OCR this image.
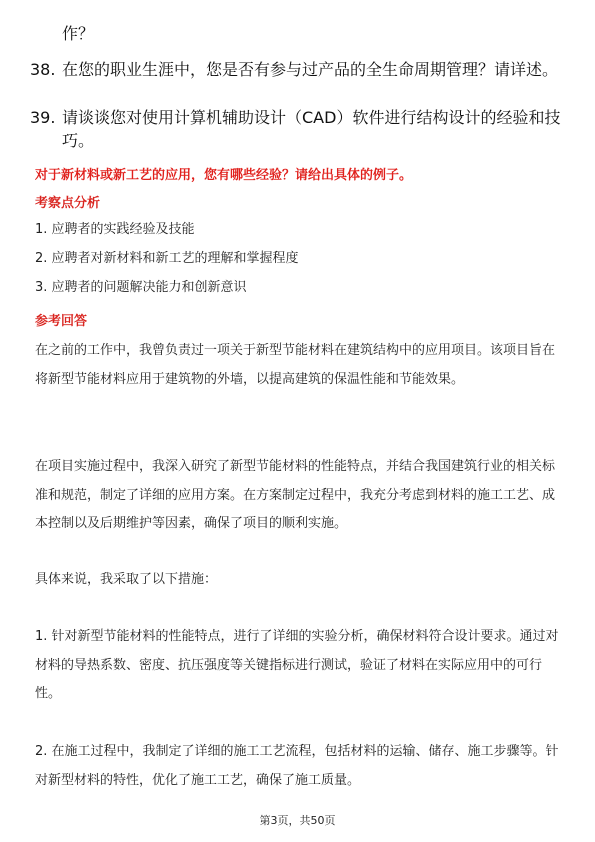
作？
38. 在您的职业生涯中，您是否有参与过产品的全生命周期管理？请详述。
39. 请谈谈您对使用计算机辅助设计（CAD）软件进行结构设计的经验和技巧。
对于新材料或新工艺的应用，您有哪些经验？请给出具体的例子。
考察点分析
1. 应聘者的实践经验及技能
2. 应聘者对新材料和新工艺的理解和掌握程度
3. 应聘者的问题解决能力和创新意识
参考回答
在之前的工作中，我曾负责过一项关于新型节能材料在建筑结构中的应用项目。该项目旨在将新型节能材料应用于建筑物的外墙，以提高建筑的保温性能和节能效果。
在项目实施过程中，我深入研究了新型节能材料的性能特点，并结合我国建筑行业的相关标准和规范，制定了详细的应用方案。在方案制定过程中，我充分考虑到材料的施工工艺、成本控制以及后期维护等因素，确保了项目的顺利实施。
具体来说，我采取了以下措施：
1. 针对新型节能材料的性能特点，进行了详细的实验分析，确保材料符合设计要求。通过对材料的导热系数、密度、抗压强度等关键指标进行测试，验证了材料在实际应用中的可行性。
2. 在施工过程中，我制定了详细的施工工艺流程，包括材料的运输、储存、施工步骤等。针对新型材料的特性，优化了施工工艺，确保了施工质量。
第3页，共50页
